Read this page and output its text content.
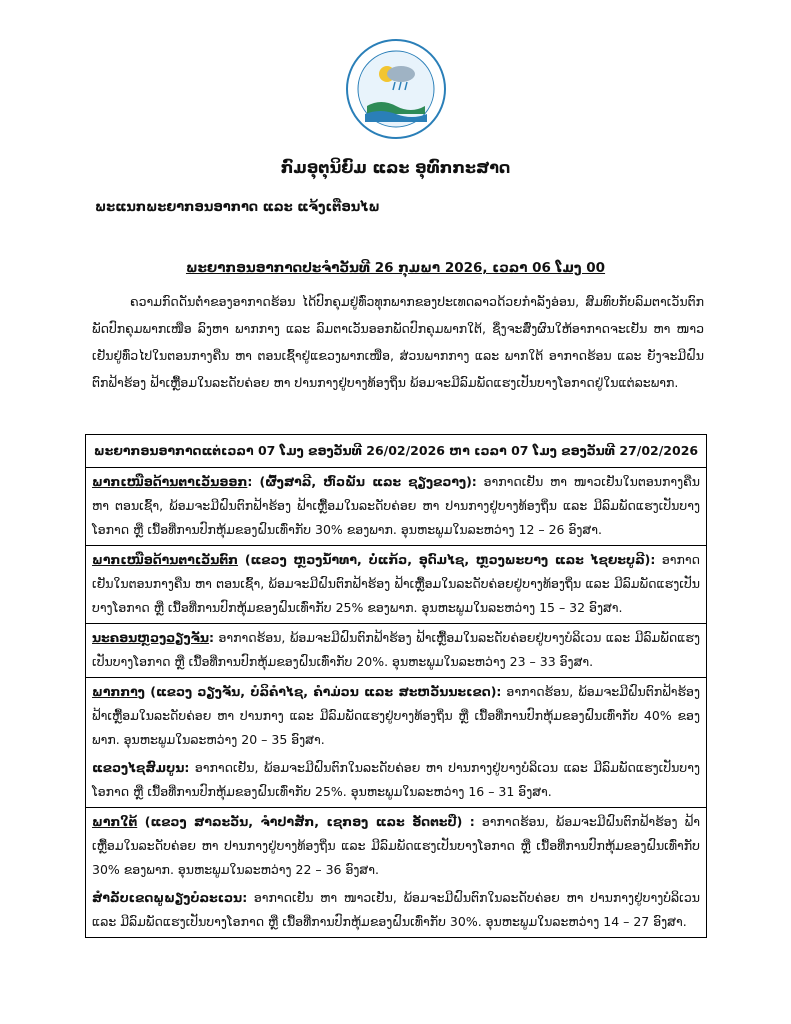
ກົມອຸຕຸນິຍົມ ແລະ ອຸທົກກະສາດ
ພະແນກພະຍາກອນອາກາດ ແລະ ແຈ້ງເຕືອນໄພ
ພະຍາກອນອາກາດປະຈໍາວັນທີ 26 ກຸມພາ 2026, ເວລາ 06 ໂມງ 00
ຄວາມກົດດັນຕໍ່າຂອງອາກາດຮ້ອນ ໄດ້ປົກຄຸມຢູ່ທົ່ວທຸກພາກຂອງປະເທດລາວດ້ວຍກໍາລັງອ່ອນ, ສົມທົບກັບລົມຕາເວັນຕົກພັດປົກຄຸມພາກເໜືອ ລົງຫາ ພາກກາງ ແລະ ລົມຕາເວັນອອກພັດປົກຄຸມພາກໃຕ້, ຊຶ່ງຈະສົ່ງຜົນໃຫ້ອາກາດຈະເຢັນ ຫາ ໜາວເຢັນຢູ່ທົ່ວໄປໃນຕອນກາງຄືນ ຫາ ຕອນເຊົ້າຢູ່ແຂວງພາກເໜືອ, ສ່ວນພາກກາງ ແລະ ພາກໃຕ້ ອາກາດຮ້ອນ ແລະ ຍັງຈະມີຝົນຕົກຟ້າຮ້ອງ ຟ້າເຫຼື້ອມໃນລະດັບຄ່ອຍ ຫາ ປານກາງຢູ່ບາງທ້ອງຖິ່ນ ພ້ອມຈະມີລົມພັດແຮງເປັນບາງໂອກາດຢູ່ໃນແຕ່ລະພາກ.
ພະຍາກອນອາກາດແຕ່ເວລາ 07 ໂມງ ຂອງວັນທີ 26/02/2026 ຫາ ເວລາ 07 ໂມງ ຂອງວັນທີ 27/02/2026

ພາກເໜືອດ້ານຕາເວັນອອກ: (ຜົ້ງສາລີ, ຫົວພັນ ແລະ ຊຽງຂວາງ): ອາກາດເຢັນ ຫາ ໜາວເຢັນໃນຕອນກາງຄືນ ຫາ ຕອນເຊົ້າ, ພ້ອມຈະມີຝົນຕົກຟ້າຮ້ອງ ຟ້າເຫຼື້ອມໃນລະດັບຄ່ອຍ ຫາ ປານກາງຢູ່ບາງທ້ອງຖິ່ນ ແລະ ມີລົມພັດແຮງເປັນບາງໂອກາດ ຫຼື ເນື້ອທີ່ການປົກຫຸ້ມຂອງຝົນເທົ່າກັບ 30% ຂອງພາກ. ອຸນຫະພູມໃນລະຫວ່າງ 12 – 26 ອົງສາ.

ພາກເໜືອດ້ານຕາເວັນຕົກ (ແຂວງ ຫຼວງນໍ້າທາ, ບໍ່ແກ້ວ, ອຸດົມໄຊ, ຫຼວງພະບາງ ແລະ ໄຊຍະບູລີ): ອາກາດເຢັນໃນຕອນກາງຄືນ ຫາ ຕອນເຊົ້າ, ພ້ອມຈະມີຝົນຕົກຟ້າຮ້ອງ ຟ້າເຫຼື້ອມໃນລະດັບຄ່ອຍຢູ່ບາງທ້ອງຖິ່ນ ແລະ ມີລົມພັດແຮງເປັນບາງໂອກາດ ຫຼື ເນື້ອທີ່ການປົກຫຸ້ມຂອງຝົນເທົ່າກັບ 25% ຂອງພາກ. ອຸນຫະພູມໃນລະຫວ່າງ 15 – 32 ອົງສາ.

ນະຄອນຫຼວງວຽງຈັນ: ອາກາດຮ້ອນ, ພ້ອມຈະມີຝົນຕົກຟ້າຮ້ອງ ຟ້າເຫຼື້ອມໃນລະດັບຄ່ອຍຢູ່ບາງບໍລິເວນ ແລະ ມີລົມພັດແຮງເປັນບາງໂອກາດ ຫຼື ເນື້ອທີ່ການປົກຫຸ້ມຂອງຝົນເທົ່າກັບ 20%. ອຸນຫະພູມໃນລະຫວ່າງ 23 – 33 ອົງສາ.

ພາກກາງ (ແຂວງ ວຽງຈັນ, ບໍລິຄໍາໄຊ, ຄໍາມ່ວນ ແລະ ສະຫວັນນະເຂດ): ອາກາດຮ້ອນ, ພ້ອມຈະມີຝົນຕົກຟ້າຮ້ອງ ຟ້າເຫຼື້ອມໃນລະດັບຄ່ອຍ ຫາ ປານກາງ ແລະ ມີລົມພັດແຮງຢູ່ບາງທ້ອງຖິ່ນ ຫຼື ເນື້ອທີ່ການປົກຫຸ້ມຂອງຝົນເທົ່າກັບ 40% ຂອງພາກ. ອຸນຫະພູມໃນລະຫວ່າງ 20 – 35 ອົງສາ.
ແຂວງໄຊສົມບູນ: ອາກາດເຢັນ, ພ້ອມຈະມີຝົນຕົກໃນລະດັບຄ່ອຍ ຫາ ປານກາງຢູ່ບາງບໍລິເວນ ແລະ ມີລົມພັດແຮງເປັນບາງໂອກາດ ຫຼື ເນື້ອທີ່ການປົກຫຸ້ມຂອງຝົນເທົ່າກັບ 25%. ອຸນຫະພູມໃນລະຫວ່າງ 16 – 31 ອົງສາ.

ພາກໃຕ້ (ແຂວງ ສາລະວັນ, ຈໍາປາສັກ, ເຊກອງ ແລະ ອັດຕະປື) : ອາກາດຮ້ອນ, ພ້ອມຈະມີຝົນຕົກຟ້າຮ້ອງ ຟ້າເຫຼື້ອມໃນລະດັບຄ່ອຍ ຫາ ປານກາງຢູ່ບາງທ້ອງຖິ່ນ ແລະ ມີລົມພັດແຮງເປັນບາງໂອກາດ ຫຼື ເນື້ອທີ່ການປົກຫຸ້ມຂອງຝົນເທົ່າກັບ 30% ຂອງພາກ. ອຸນຫະພູມໃນລະຫວ່າງ 22 – 36 ອົງສາ.
ສໍາລັບເຂດພູພຽງບໍລະເວນ: ອາກາດເຢັນ ຫາ ໜາວເຢັນ, ພ້ອມຈະມີຝົນຕົກໃນລະດັບຄ່ອຍ ຫາ ປານກາງຢູ່ບາງບໍລິເວນ ແລະ ມີລົມພັດແຮງເປັນບາງໂອກາດ ຫຼື ເນື້ອທີ່ການປົກຫຸ້ມຂອງຝົນເທົ່າກັບ 30%. ອຸນຫະພູມໃນລະຫວ່າງ 14 – 27 ອົງສາ.
